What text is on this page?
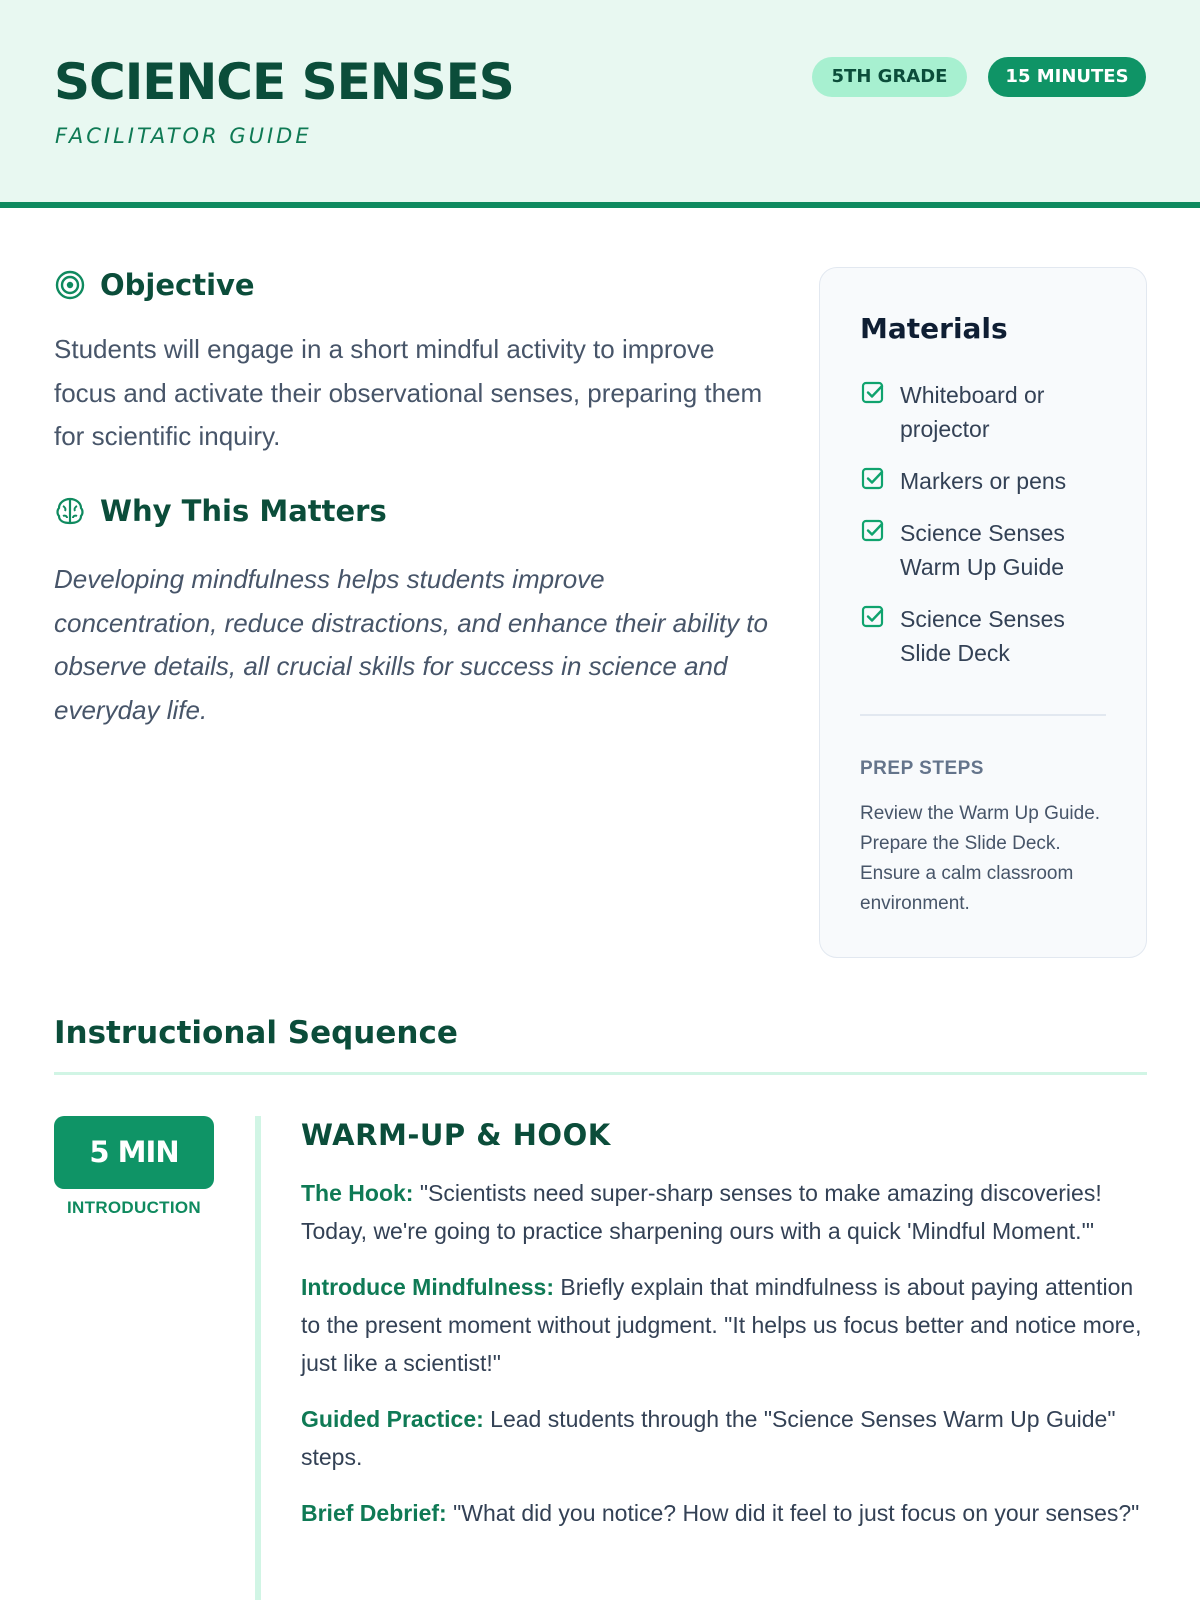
SCIENCE SENSES
FACILITATOR GUIDE
5TH GRADE	15 MINUTES
Objective

Students will engage in a short mindful activity to improve focus and activate their observational senses, preparing them for scientific inquiry.

Why This Matters

Developing mindfulness helps students improve concentration, reduce distractions, and enhance their ability to observe details, all crucial skills for success in science and everyday life.

Materials
Whiteboard or projector
Markers or pens
Science Senses Warm Up Guide
Science Senses Slide Deck
PREP STEPS

Review the Warm Up Guide. Prepare the Slide Deck. Ensure a calm classroom environment.

Instructional Sequence
5 MIN
INTRODUCTION
WARM-UP & HOOK

The Hook: "Scientists need super-sharp senses to make amazing discoveries! Today, we're going to practice sharpening ours with a quick 'Mindful Moment.'"

Introduce Mindfulness: Briefly explain that mindfulness is about paying attention to the present moment without judgment. "It helps us focus better and notice more, just like a scientist!"

Guided Practice: Lead students through the "Science Senses Warm Up Guide" steps.

Brief Debrief: "What did you notice? How did it feel to just focus on your senses?"
